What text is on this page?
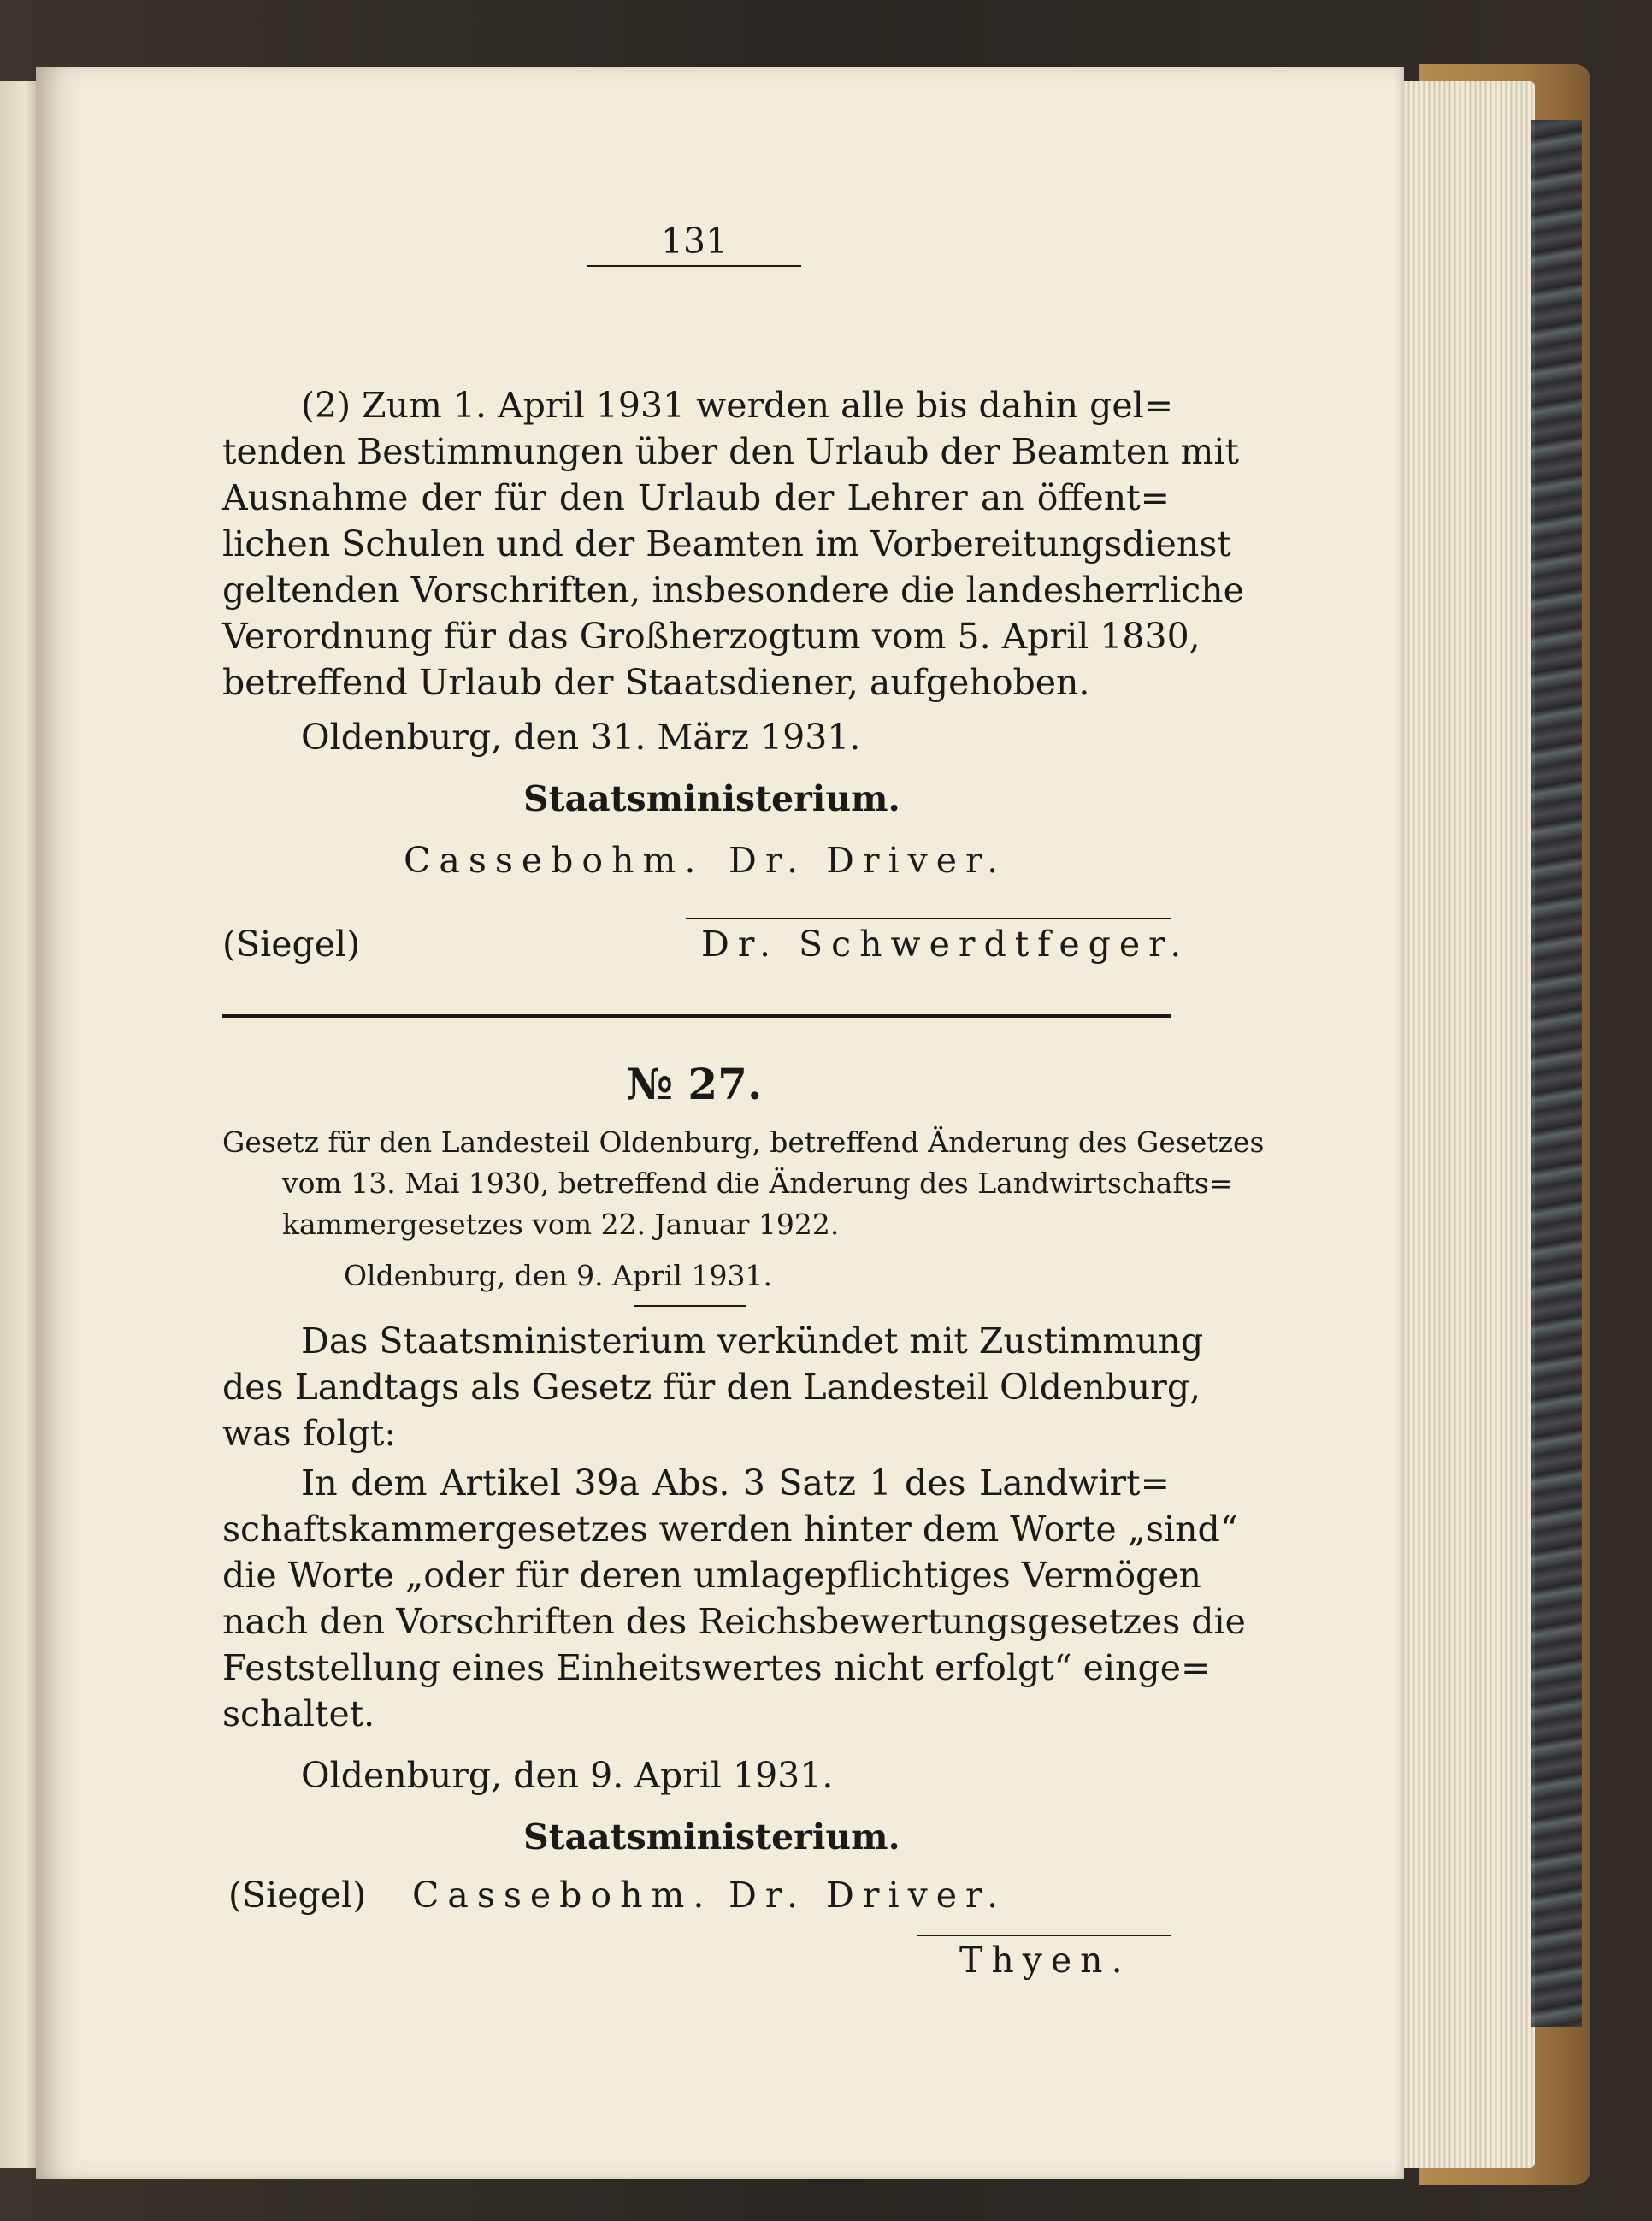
131
(2) Zum 1. April 1931 werden alle bis dahin gel=
tenden Bestimmungen über den Urlaub der Beamten mit
Ausnahme der für den Urlaub der Lehrer an öffent=
lichen Schulen und der Beamten im Vorbereitungsdienst
geltenden Vorschriften, insbesondere die landesherrliche
Verordnung für das Großherzogtum vom 5. April 1830,
betreffend Urlaub der Staatsdiener, aufgehoben.
Oldenburg, den 31. März 1931.
Staatsministerium.
Cassebohm. Dr. Driver.
(Siegel)	Dr. Schwerdtfeger.
№ 27.
Gesetz für den Landesteil Oldenburg, betreffend Änderung des Gesetzes
vom 13. Mai 1930, betreffend die Änderung des Landwirtschafts=
kammergesetzes vom 22. Januar 1922.
Oldenburg, den 9. April 1931.
Das Staatsministerium verkündet mit Zustimmung
des Landtags als Gesetz für den Landesteil Oldenburg,
was folgt:
In dem Artikel 39a Abs. 3 Satz 1 des Landwirt=
schaftskammergesetzes werden hinter dem Worte „sind“
die Worte „oder für deren umlagepflichtiges Vermögen
nach den Vorschriften des Reichsbewertungsgesetzes die
Feststellung eines Einheitswertes nicht erfolgt“ einge=
schaltet.
Oldenburg, den 9. April 1931.
Staatsministerium.
(Siegel) Cassebohm. Dr. Driver.
Thyen.
